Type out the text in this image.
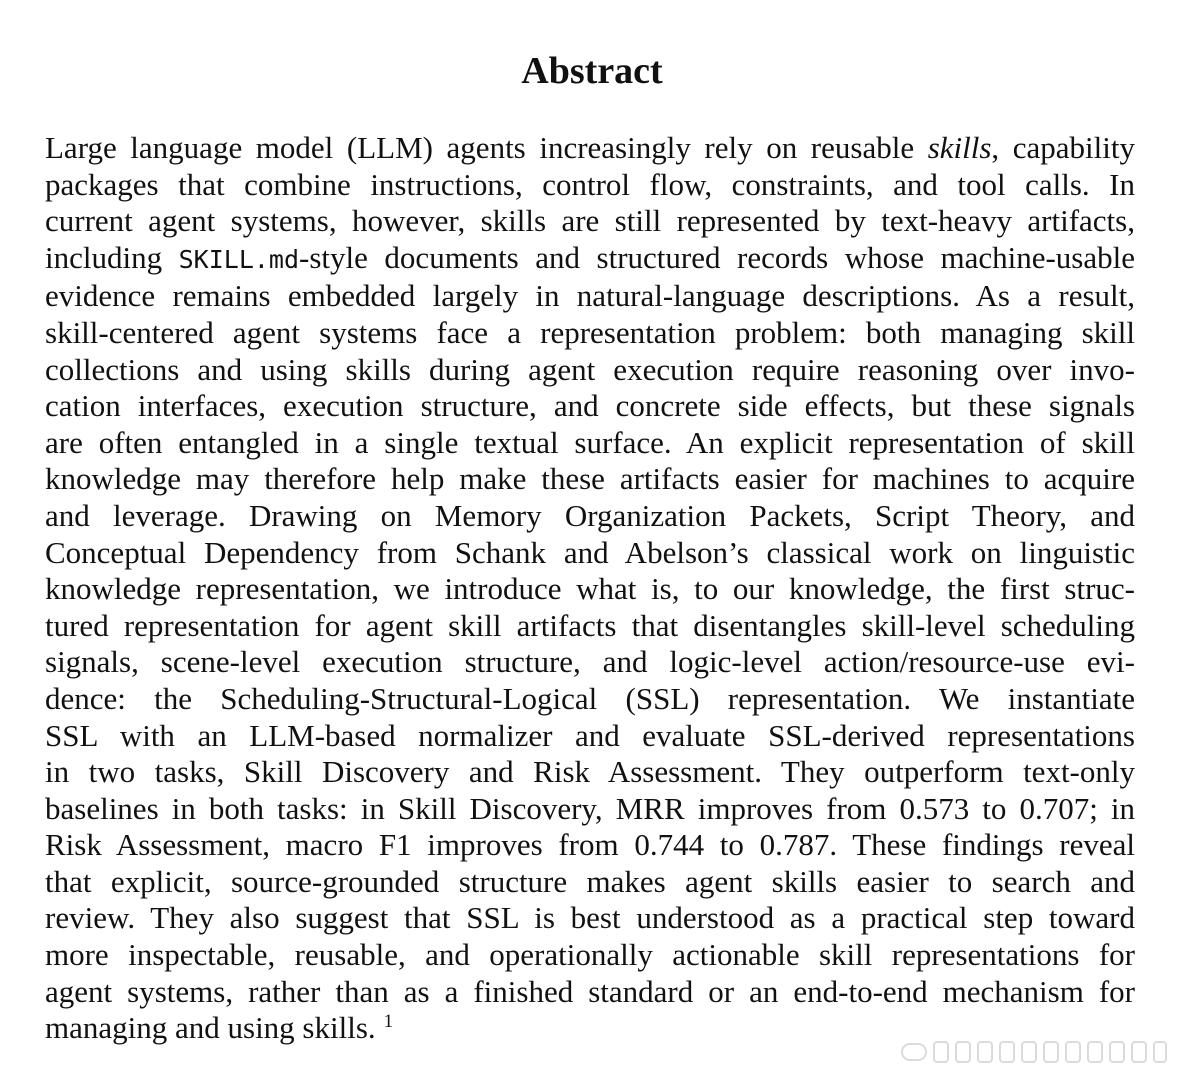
Abstract
Large language model (LLM) agents increasingly rely on reusable skills, capability
packages that combine instructions, control flow, constraints, and tool calls. In
current agent systems, however, skills are still represented by text-heavy artifacts,
including SKILL.md-style documents and structured records whose machine-usable
evidence remains embedded largely in natural-language descriptions. As a result,
skill-centered agent systems face a representation problem: both managing skill
collections and using skills during agent execution require reasoning over invo-
cation interfaces, execution structure, and concrete side effects, but these signals
are often entangled in a single textual surface. An explicit representation of skill
knowledge may therefore help make these artifacts easier for machines to acquire
and leverage. Drawing on Memory Organization Packets, Script Theory, and
Conceptual Dependency from Schank and Abelson’s classical work on linguistic
knowledge representation, we introduce what is, to our knowledge, the first struc-
tured representation for agent skill artifacts that disentangles skill-level scheduling
signals, scene-level execution structure, and logic-level action/resource-use evi-
dence: the Scheduling-Structural-Logical (SSL) representation. We instantiate
SSL with an LLM-based normalizer and evaluate SSL-derived representations
in two tasks, Skill Discovery and Risk Assessment. They outperform text-only
baselines in both tasks: in Skill Discovery, MRR improves from 0.573 to 0.707; in
Risk Assessment, macro F1 improves from 0.744 to 0.787. These findings reveal
that explicit, source-grounded structure makes agent skills easier to search and
review. They also suggest that SSL is best understood as a practical step toward
more inspectable, reusable, and operationally actionable skill representations for
agent systems, rather than as a finished standard or an end-to-end mechanism for
managing and using skills. $^1$
